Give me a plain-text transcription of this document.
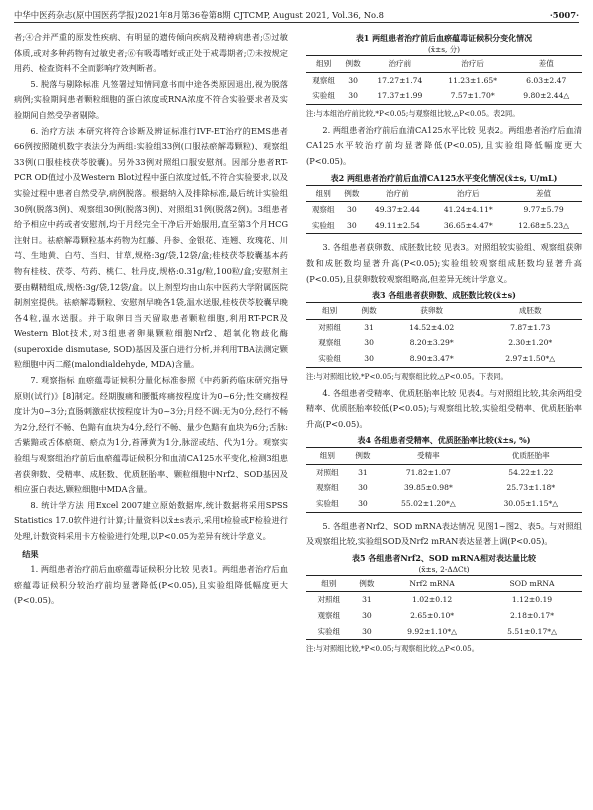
中华中医药杂志(原中国医药学报)2021年8月第36卷第8期 CJTCMP, August 2021, Vol.36, No.8	·5007·

者;④合并严重的原发性疾病、有明显的遗传倾向疾病及精神病患者;⑤过敏体质,或对多种药物有过敏史者;⑥有吸毒嗜好或正处于戒毒期者;⑦未按规定用药、检查资料不全而影响疗效判断者。

5. 脱落与剔除标准 凡签署过知情同意书而中途各类原因退出,视为脱落病例;实验期间患者颗粒细胞的蛋白浓度或RNA浓度不符合实验要求者及实验期间自然受孕者剔除。

6. 治疗方法 本研究将符合诊断及辨证标准行IVF-ET治疗的EMS患者66例按照随机数字表法分为两组:实验组33例(口服祛瘀解毒颗粒)、观察组33例(口服桂枝茯苓胶囊)。另外33例对照组口服安慰剂。因部分患者RT-PCR OD值过小及Western Blot过程中蛋白浓度过低,不符合实验要求,以及实验过程中患者自然受孕,病例脱落。根据纳入及排除标准,最后统计实验组30例(脱落3例)、观察组30例(脱落3例)、对照组31例(脱落2例)。3组患者给予相应中药或者安慰剂,均于月经完全干净后开始服用,直至第3个月HCG注射日。祛瘀解毒颗粒基本药物为红藤、丹参、金银花、连翘、玫瑰花、川芎、生地黄、白芍、当归、甘草,规格:3g/袋,12袋/盒;桂枝茯苓胶囊基本药物有桂枝、茯苓、芍药、桃仁、牡丹皮,规格:0.31g/粒,100粒/盒;安慰剂主要由糊精组成,规格:3g/袋,12袋/盒。以上剂型均由山东中医药大学附属医院制剂室提供。祛瘀解毒颗粒、安慰剂早晚各1袋,温水送服,桂枝茯苓胶囊早晚各4粒,温水送服。并于取卵日当天留取患者颗粒细胞,利用RT-PCR及Western Blot技术,对3组患者卵巢颗粒细胞Nrf2、超氧化物歧化酶(superoxide dismutase, SOD)基因及蛋白进行分析,并利用TBA法测定颗粒细胞中丙二醛(malondialdehyde, MDA)含量。

7. 观察指标 血瘀蕴毒证候积分量化标准参照《中药新药临床研究指导原则(试行)》[8]制定。经期腹痛和腰骶疼痛按程度计为0~6分;性交痛按程度计为0~3分;直肠刺激症状按程度计为0~3分;月经不调:无为0分,经行不畅为2分,经行不畅、色黯有血块为4分,经行不畅、量少色黯有血块为6分;舌脉:舌紫黯或舌体瘀斑、瘀点为1分,苔薄黄为1分,脉涩或结、代为1分。观察实验组与观察组治疗前后血瘀蕴毒证候积分和血清CA125水平变化,检测3组患者获卵数、受精率、成胚数、优质胚胎率、颗粒细胞中Nrf2、SOD基因及相应蛋白表达,颗粒细胞中MDA含量。

8. 统计学方法 用Excel 2007建立原始数据库,统计数据将采用SPSS Statistics 17.0软件进行计算;计量资料以x̄±s表示,采用t检验或F检验进行处理,计数资料采用卡方检验进行处理,以P<0.05为差异有统计学意义。

结果

1. 两组患者治疗前后血瘀蕴毒证候积分比较 见表1。两组患者治疗后血瘀蕴毒证候积分较治疗前均显著降低(P<0.05),且实验组降低幅度更大(P<0.05)。

表1 两组患者治疗前后血瘀蕴毒证候积分变化情况
(x̄±s, 分)
组别	例数	治疗前	治疗后	差值
观察组	30	17.27±1.74	11.23±1.65*	6.03±2.47
实验组	30	17.37±1.99	7.57±1.70*	9.80±2.44△
注:与本组治疗前比较,*P<0.05;与观察组比较,△P<0.05。表2同。

2. 两组患者治疗前后血清CA125水平比较 见表2。两组患者治疗后血清CA125水平较治疗前均显著降低(P<0.05),且实验组降低幅度更大(P<0.05)。

表2 两组患者治疗前后血清CA125水平变化情况(x̄±s, U/mL)
组别	例数	治疗前	治疗后	差值
观察组	30	49.37±2.44	41.24±4.11*	9.77±5.79
实验组	30	49.11±2.54	36.65±4.47*	12.68±5.23△

3. 各组患者获卵数、成胚数比较 见表3。对照组较实验组、观察组获卵数和成胚数均显著升高(P<0.05);实验组较观察组成胚数均显著升高(P<0.05),且获卵数较观察组略高,但差异无统计学意义。

表3 各组患者获卵数、成胚数比较(x̄±s)
组别	例数	获卵数	成胚数
对照组	31	14.52±4.02	7.87±1.73
观察组	30	8.20±3.29*	2.30±1.20*
实验组	30	8.90±3.47*	2.97±1.50*△
注:与对照组比较,*P<0.05;与观察组比较,△P<0.05。下表同。

4. 各组患者受精率、优质胚胎率比较 见表4。与对照组比较,其余两组受精率、优质胚胎率较低(P<0.05);与观察组比较,实验组受精率、优质胚胎率升高(P<0.05)。

表4 各组患者受精率、优质胚胎率比较(x̄±s, %)
组别	例数	受精率	优质胚胎率
对照组	31	71.82±1.07	54.22±1.22
观察组	30	39.85±0.98*	25.73±1.18*
实验组	30	55.02±1.20*△	30.05±1.15*△

5. 各组患者Nrf2、SOD mRNA表达情况 见图1~图2、表5。与对照组及观察组比较,实验组SOD及Nrf2 mRAN表达显著上调(P<0.05)。

表5 各组患者Nrf2、SOD mRNA相对表达量比较
(x̄±s, 2-ΔΔCt)
组别	例数	Nrf2 mRNA	SOD mRNA
对照组	31	1.02±0.12	1.12±0.19
观察组	30	2.65±0.10*	2.18±0.17*
实验组	30	9.92±1.10*△	5.51±0.17*△
注:与对照组比较,*P<0.05;与观察组比较,△P<0.05。
